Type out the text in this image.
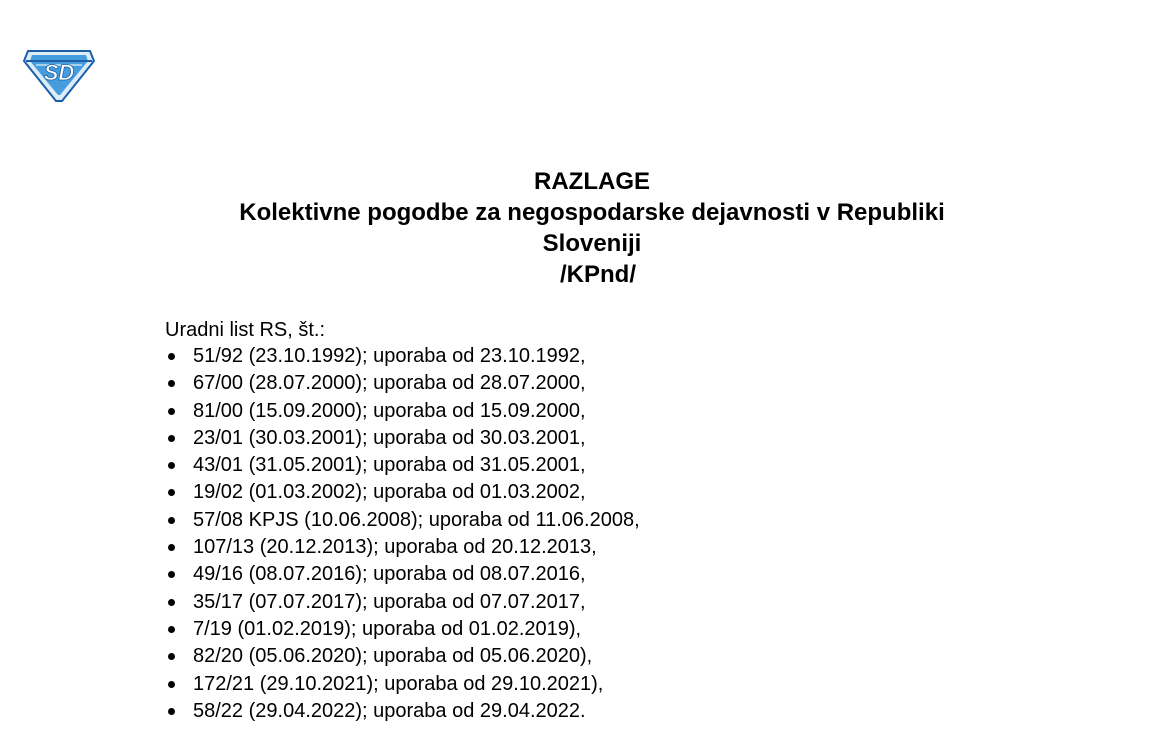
SD
RAZLAGE
Kolektivne pogodbe za negospodarske dejavnosti v Republiki
Sloveniji
/KPnd/
Uradni list RS, št.:
51/92 (23.10.1992); uporaba od 23.10.1992,
67/00 (28.07.2000); uporaba od 28.07.2000,
81/00 (15.09.2000); uporaba od 15.09.2000,
23/01 (30.03.2001); uporaba od 30.03.2001,
43/01 (31.05.2001); uporaba od 31.05.2001,
19/02 (01.03.2002); uporaba od 01.03.2002,
57/08 KPJS (10.06.2008); uporaba od 11.06.2008,
107/13 (20.12.2013); uporaba od 20.12.2013,
49/16 (08.07.2016); uporaba od 08.07.2016,
35/17 (07.07.2017); uporaba od 07.07.2017,
7/19 (01.02.2019); uporaba od 01.02.2019),
82/20 (05.06.2020); uporaba od 05.06.2020),
172/21 (29.10.2021); uporaba od 29.10.2021),
58/22 (29.04.2022); uporaba od 29.04.2022.
